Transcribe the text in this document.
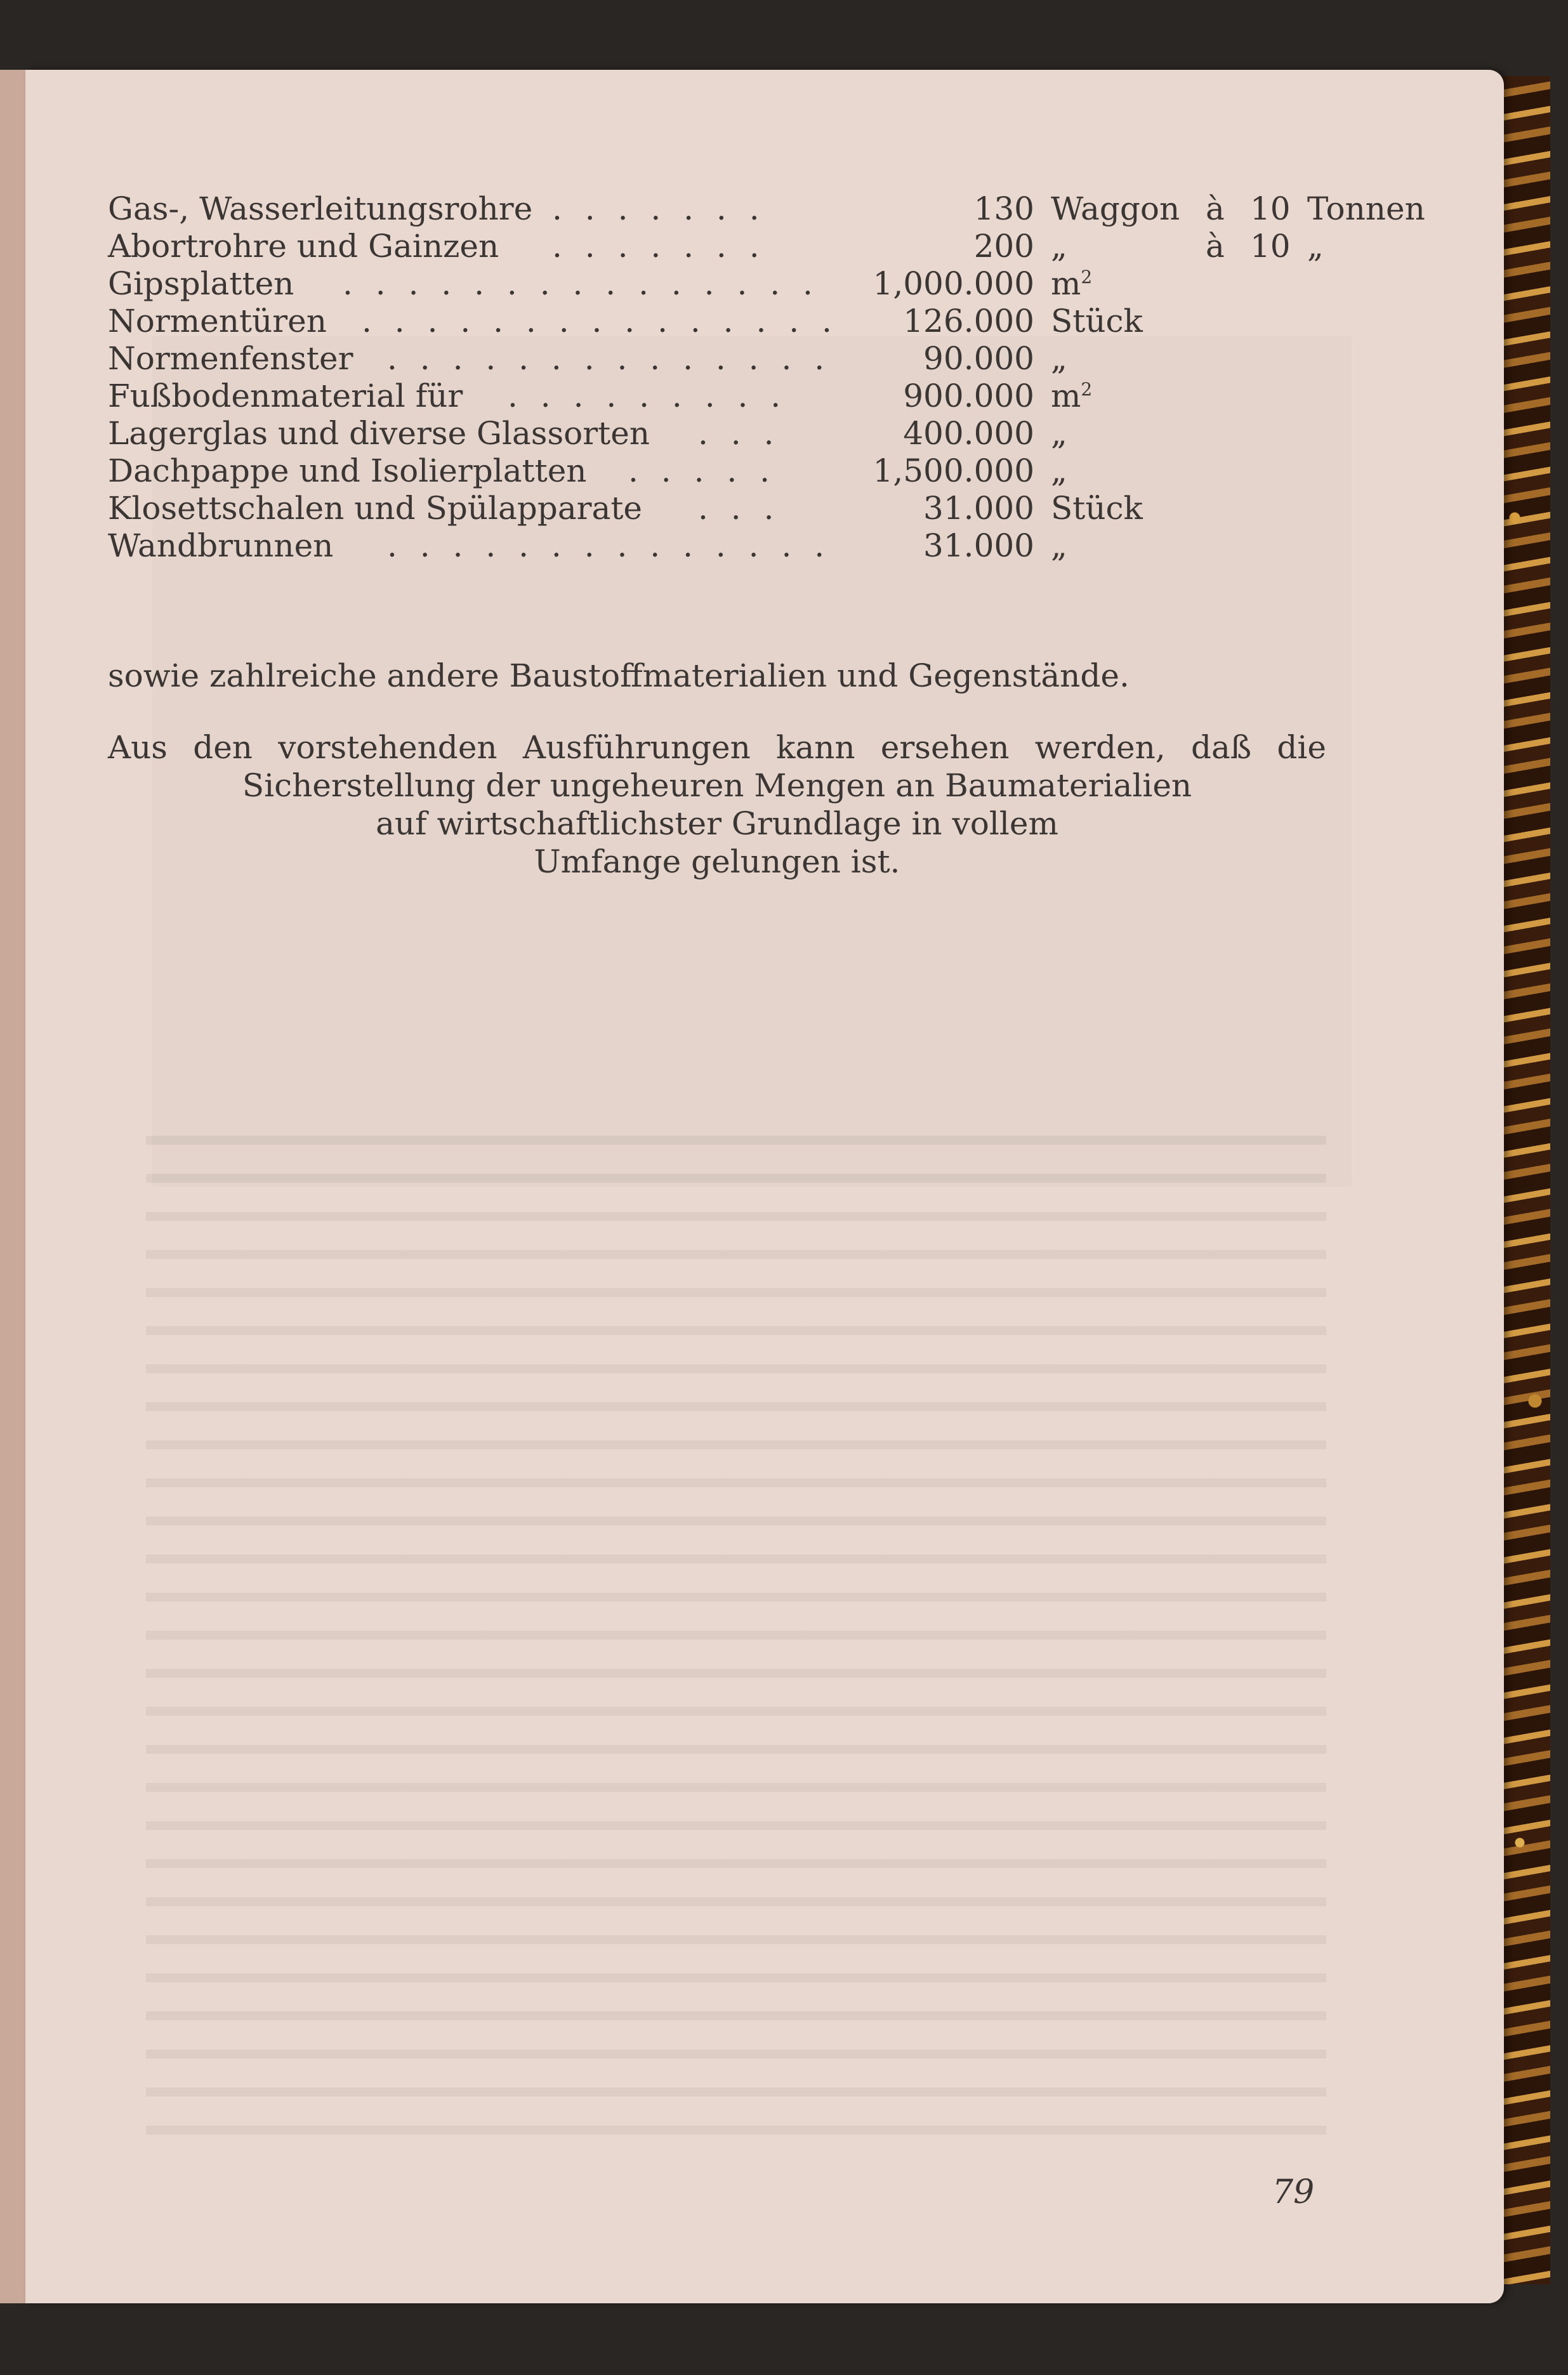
Gas-, Wasserleitungsrohre . . . . . . .	130 Waggon à 10 Tonnen
Abortrohre und Gainzen . . . . . . .	200 „	à 10 „
Gipsplatten . . . . . . . . . . . . . . . 1,000.000 $m^2$
Normentüren . . . . . . . . . . . . . . . 126.000 Stück
Normenfenster . . . . . . . . . . . . . .	90.000 „
Fußbodenmaterial für . . . . . . . . .	900.000 $m^2$
Lagerglas und diverse Glassorten . . .	400.000 „
Dachpappe und Isolierplatten . . . . .	1,500.000 „
Klosettschalen und Spülapparate . . .	31.000 Stück
Wandbrunnen . . . . . . . . . . . . . .	31.000 „
sowie zahlreiche andere Baustoffmaterialien und Gegenstände.
Aus den vorstehenden Ausführungen kann ersehen werden, daß die
Sicherstellung der ungeheuren Mengen an Baumaterialien
auf wirtschaftlichster Grundlage in vollem
Umfange gelungen ist.
79
